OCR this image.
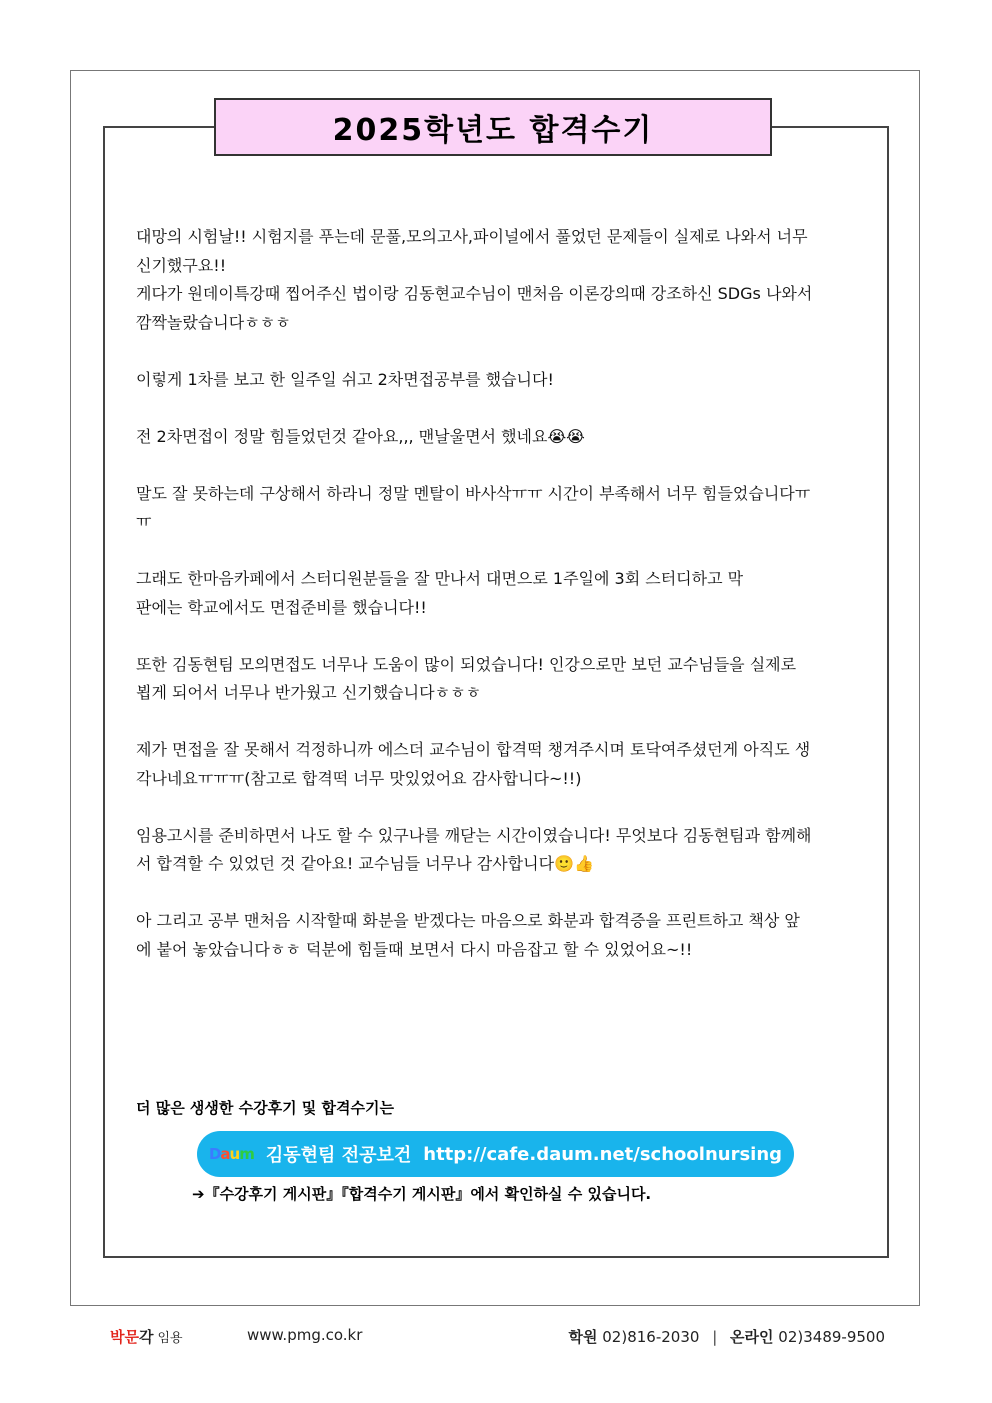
2025학년도 합격수기

대망의 시험날!! 시험지를 푸는데 문풀,모의고사,파이널에서 풀었던 문제들이 실제로 나와서 너무
신기했구요!!
게다가 원데이특강때 찝어주신 법이랑 김동현교수님이 맨처음 이론강의때 강조하신 SDGs 나와서
깜짝놀랐습니다ㅎㅎㅎ

이렇게 1차를 보고 한 일주일 쉬고 2차면접공부를 했습니다!

전 2차면접이 정말 힘들었던것 같아요,,, 맨날울면서 했네요😭😭

말도 잘 못하는데 구상해서 하라니 정말 멘탈이 바사삭ㅠㅠ 시간이 부족해서 너무 힘들었습니다ㅠ
ㅠ

그래도 한마음카페에서 스터디원분들을 잘 만나서 대면으로 1주일에 3회 스터디하고 막
판에는 학교에서도 면접준비를 했습니다!!

또한 김동현팀 모의면접도 너무나 도움이 많이 되었습니다! 인강으로만 보던 교수님들을 실제로
뵙게 되어서 너무나 반가웠고 신기했습니다ㅎㅎㅎ

제가 면접을 잘 못해서 걱정하니까 에스더 교수님이 합격떡 챙겨주시며 토닥여주셨던게 아직도 생
각나네요ㅠㅠㅠ(참고로 합격떡 너무 맛있었어요 감사합니다~!!)

임용고시를 준비하면서 나도 할 수 있구나를 깨닫는 시간이였습니다! 무엇보다 김동현팀과 함께해
서 합격할 수 있었던 것 같아요! 교수님들 너무나 감사합니다🙂👍

아 그리고 공부 맨처음 시작할때 화분을 받겠다는 마음으로 화분과 합격증을 프린트하고 책상 앞
에 붙어 놓았습니다ㅎㅎ 덕분에 힘들때 보면서 다시 마음잡고 할 수 있었어요~!!

더 많은 생생한 수강후기 및 합격수기는
D a u m 김동현팀 전공보건 http://cafe.daum.net/schoolnursing
➔『수강후기 게시판』『합격수기 게시판』에서 확인하실 수 있습니다.
박문각 임용	www.pmg.co.kr	학원 02)816-2030 | 온라인 02)3489-9500
